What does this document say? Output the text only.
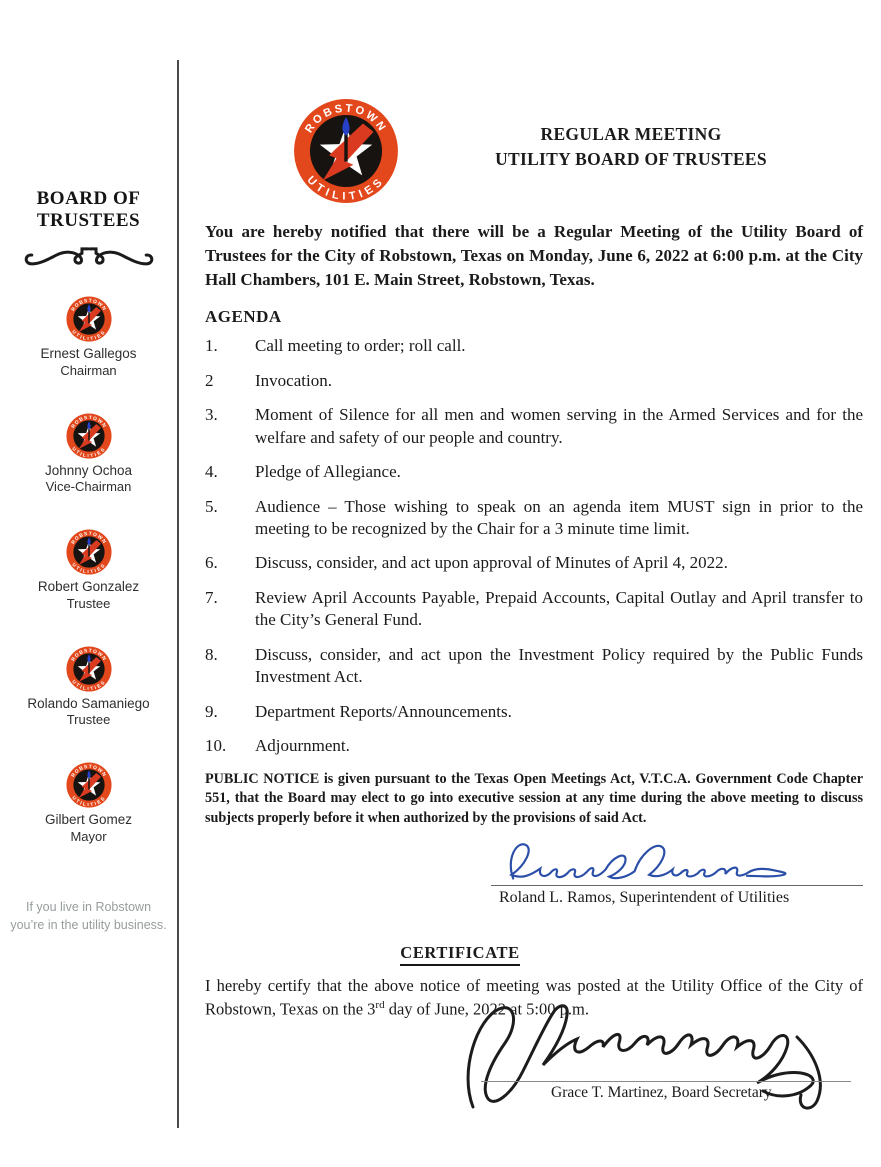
BOARD OF
TRUSTEES
Ernest Gallegos
Chairman
Johnny Ochoa
Vice-Chairman
Robert Gonzalez
Trustee
Rolando Samaniego
Trustee
Gilbert Gomez
Mayor
If you live in Robstown
you’re in the utility business.
REGULAR MEETING
UTILITY BOARD OF TRUSTEES

You are hereby notified that there will be a Regular Meeting of the Utility Board of Trustees for the City of Robstown, Texas on Monday, June 6, 2022 at 6:00 p.m. at the City Hall Chambers, 101 E. Main Street, Robstown, Texas.

AGENDA
1.	Call meeting to order; roll call.
2	Invocation.
3.	Moment of Silence for all men and women serving in the Armed Services and for the welfare and safety of our people and country.
4.	Pledge of Allegiance.
5.	Audience – Those wishing to speak on an agenda item MUST sign in prior to the meeting to be recognized by the Chair for a 3 minute time limit.
6.	Discuss, consider, and act upon approval of Minutes of April 4, 2022.
7.	Review April Accounts Payable, Prepaid Accounts, Capital Outlay and April transfer to the City’s General Fund.
8.	Discuss, consider, and act upon the Investment Policy required by the Public Funds Investment Act.
9.	Department Reports/Announcements.
10.	Adjournment.

PUBLIC NOTICE is given pursuant to the Texas Open Meetings Act, V.T.C.A. Government Code Chapter 551, that the Board may elect to go into executive session at any time during the above meeting to discuss subjects properly before it when authorized by the provisions of said Act.

Roland L. Ramos, Superintendent of Utilities
CERTIFICATE

I hereby certify that the above notice of meeting was posted at the Utility Office of the City of Robstown, Texas on the 3rd day of June, 2022 at 5:00 p.m.

Grace T. Martinez, Board Secretary
